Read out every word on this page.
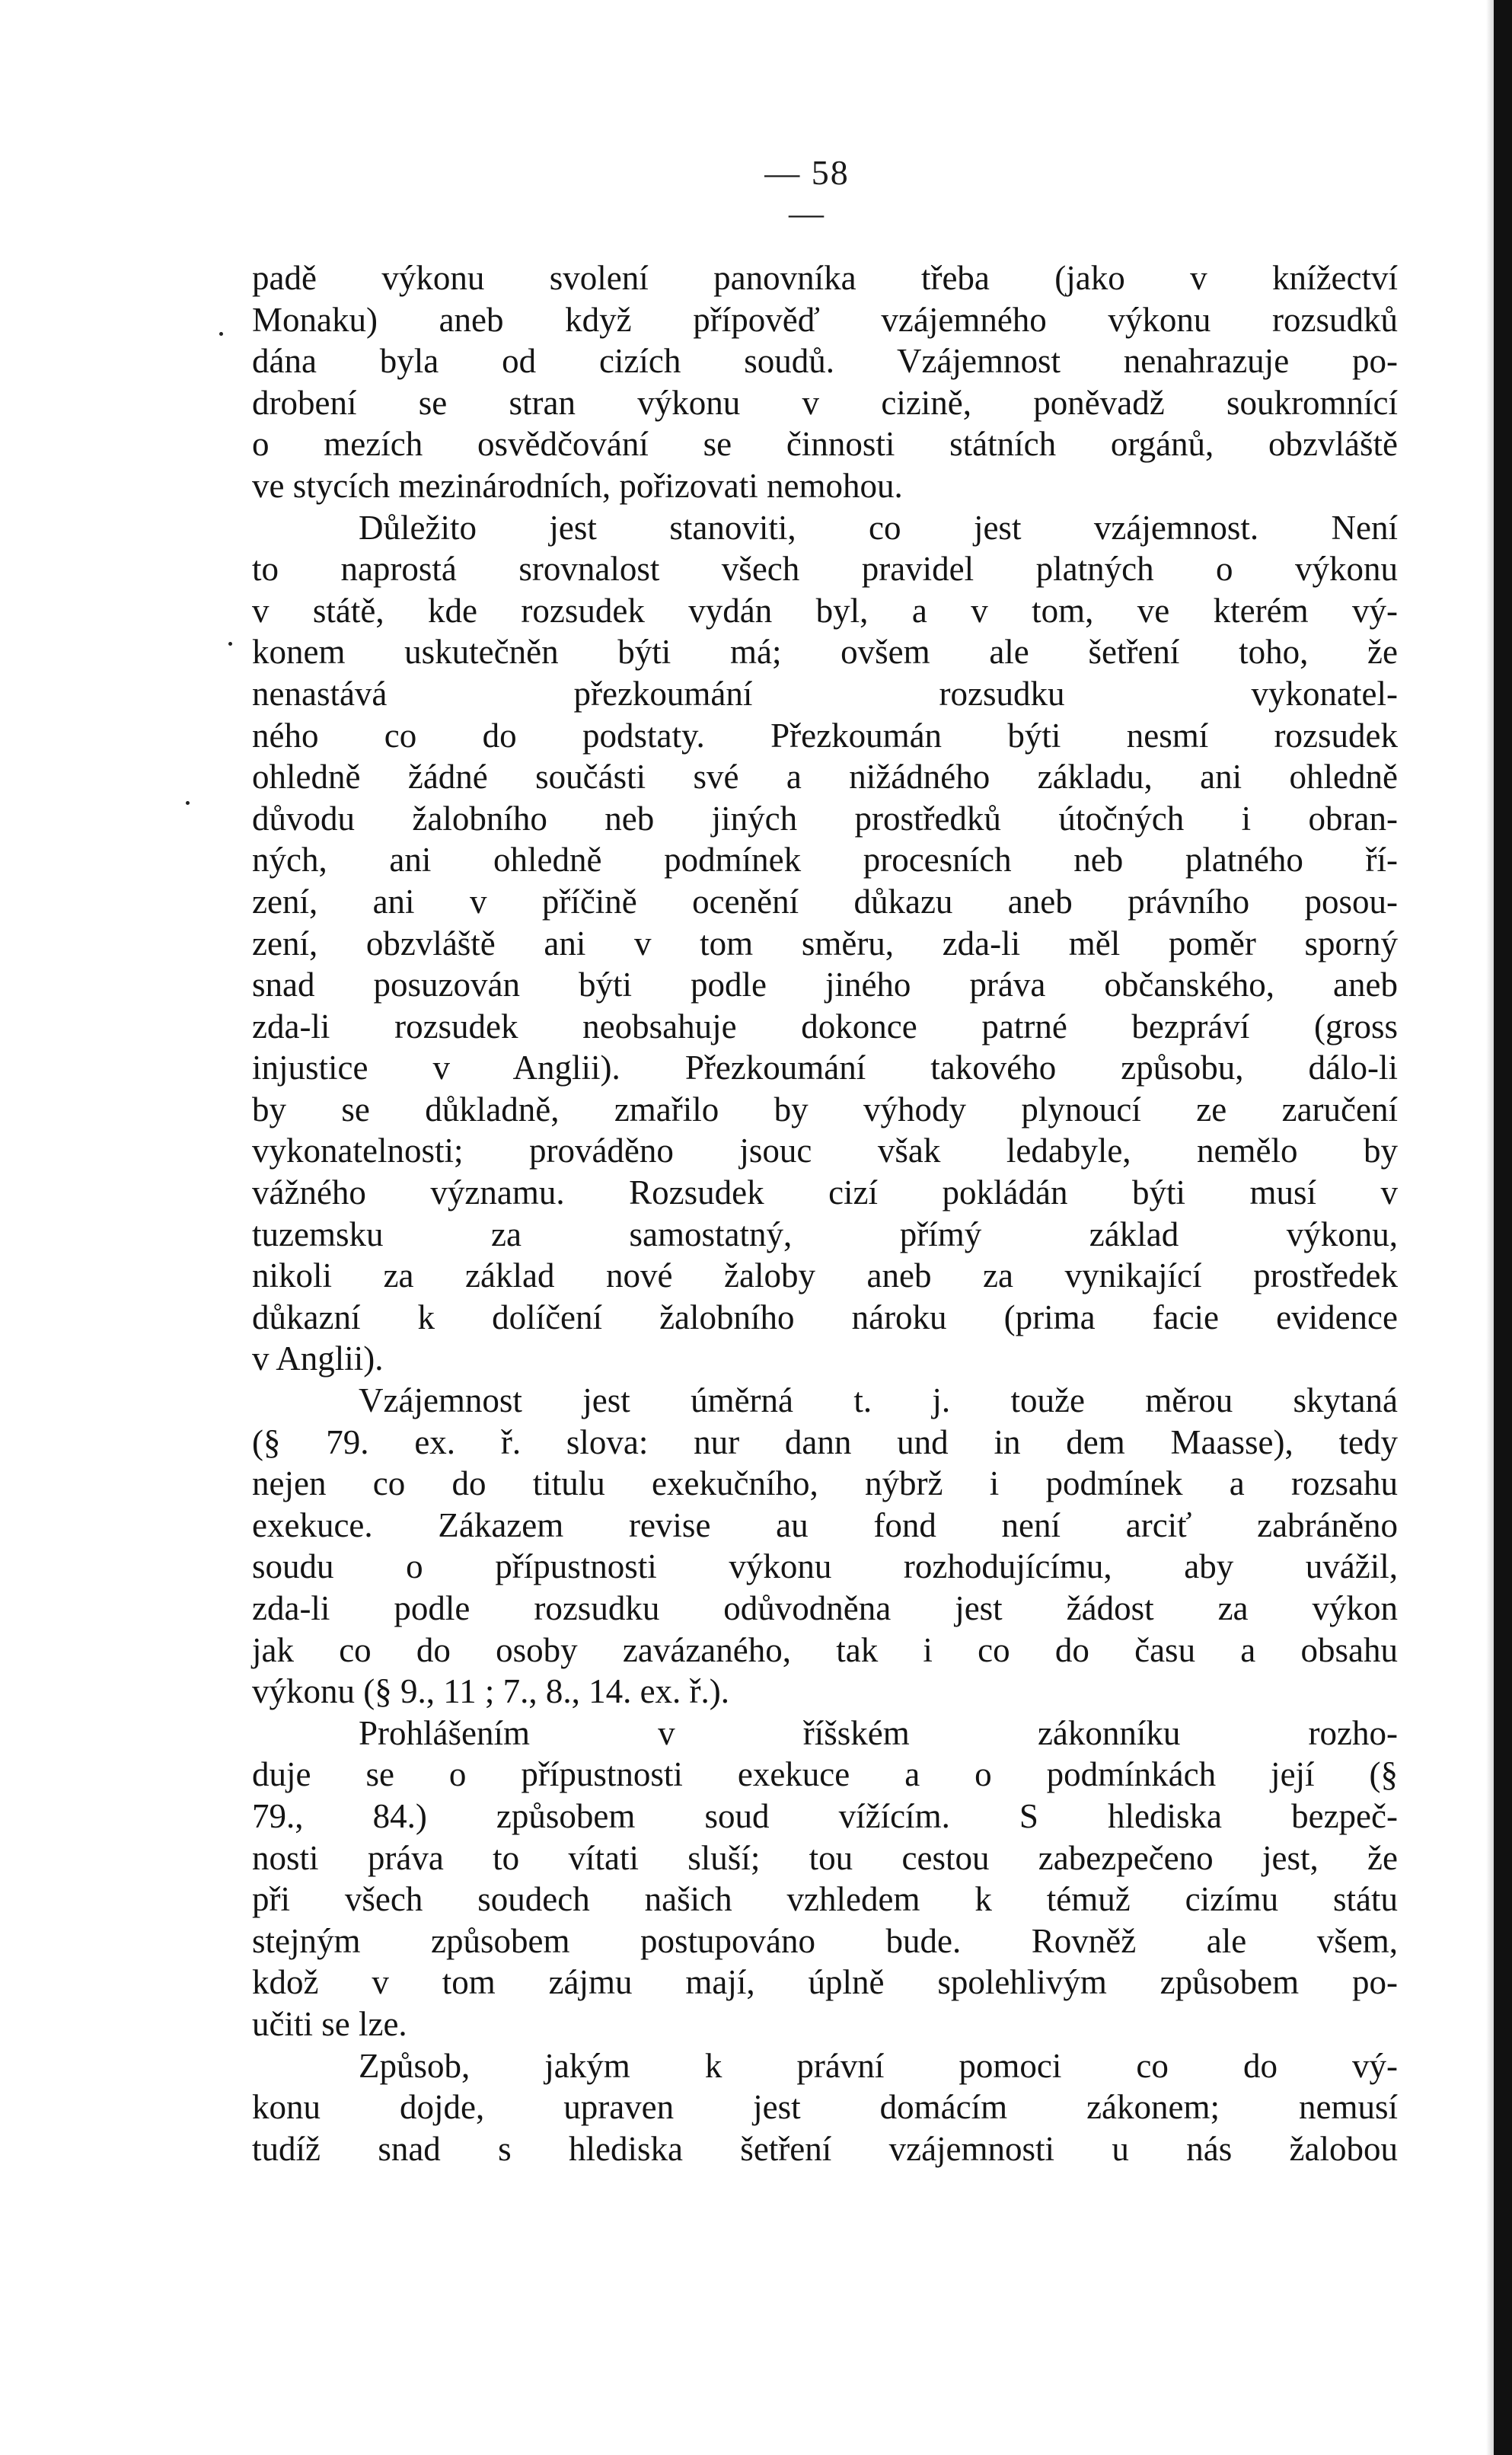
— 58 —
padě výkonu svolení panovníka třeba (jako v knížectví
Monaku) aneb když přípověď vzájemného výkonu rozsudků
dána byla od cizích soudů. Vzájemnost nenahrazuje po-
drobení se stran výkonu v cizině, poněvadž soukromnící
o mezích osvědčování se činnosti státních orgánů, obzvláště
ve stycích mezinárodních, pořizovati nemohou.
Důležito jest stanoviti, co jest vzájemnost. Není
to naprostá srovnalost všech pravidel platných o výkonu
v státě, kde rozsudek vydán byl, a v tom, ve kterém vý-
konem uskutečněn býti má; ovšem ale šetření toho, že
nenastává přezkoumání rozsudku vykonatel-
ného co do podstaty. Přezkoumán býti nesmí rozsudek
ohledně žádné součásti své a nižádného základu, ani ohledně
důvodu žalobního neb jiných prostředků útočných i obran-
ných, ani ohledně podmínek procesních neb platného ří-
zení, ani v příčině ocenění důkazu aneb právního posou-
zení, obzvláště ani v tom směru, zda-li měl poměr sporný
snad posuzován býti podle jiného práva občanského, aneb
zda-li rozsudek neobsahuje dokonce patrné bezpráví (gross
injustice v Anglii). Přezkoumání takového způsobu, dálo-li
by se důkladně, zmařilo by výhody plynoucí ze zaručení
vykonatelnosti; prováděno jsouc však ledabyle, nemělo by
vážného významu. Rozsudek cizí pokládán býti musí v
tuzemsku za samostatný, přímý základ výkonu,
nikoli za základ nové žaloby aneb za vynikající prostředek
důkazní k dolíčení žalobního nároku (prima facie evidence
v Anglii).
Vzájemnost jest úměrná t. j. touže měrou skytaná
(§ 79. ex. ř. slova: nur dann und in dem Maasse), tedy
nejen co do titulu exekučního, nýbrž i podmínek a rozsahu
exekuce. Zákazem revise au fond není arciť zabráněno
soudu o přípustnosti výkonu rozhodujícímu, aby uvážil,
zda-li podle rozsudku odůvodněna jest žádost za výkon
jak co do osoby zavázaného, tak i co do času a obsahu
výkonu (§ 9., 11 ; 7., 8., 14. ex. ř.).
Prohlášením v říšském zákonníku rozho-
duje se o přípustnosti exekuce a o podmínkách její (§
79., 84.) způsobem soud vížícím. S hlediska bezpeč-
nosti práva to vítati sluší; tou cestou zabezpečeno jest, že
při všech soudech našich vzhledem k témuž cizímu státu
stejným způsobem postupováno bude. Rovněž ale všem,
kdož v tom zájmu mají, úplně spolehlivým způsobem po-
učiti se lze.
Způsob, jakým k právní pomoci co do vý-
konu dojde, upraven jest domácím zákonem; nemusí
tudíž snad s hlediska šetření vzájemnosti u nás žalobou
